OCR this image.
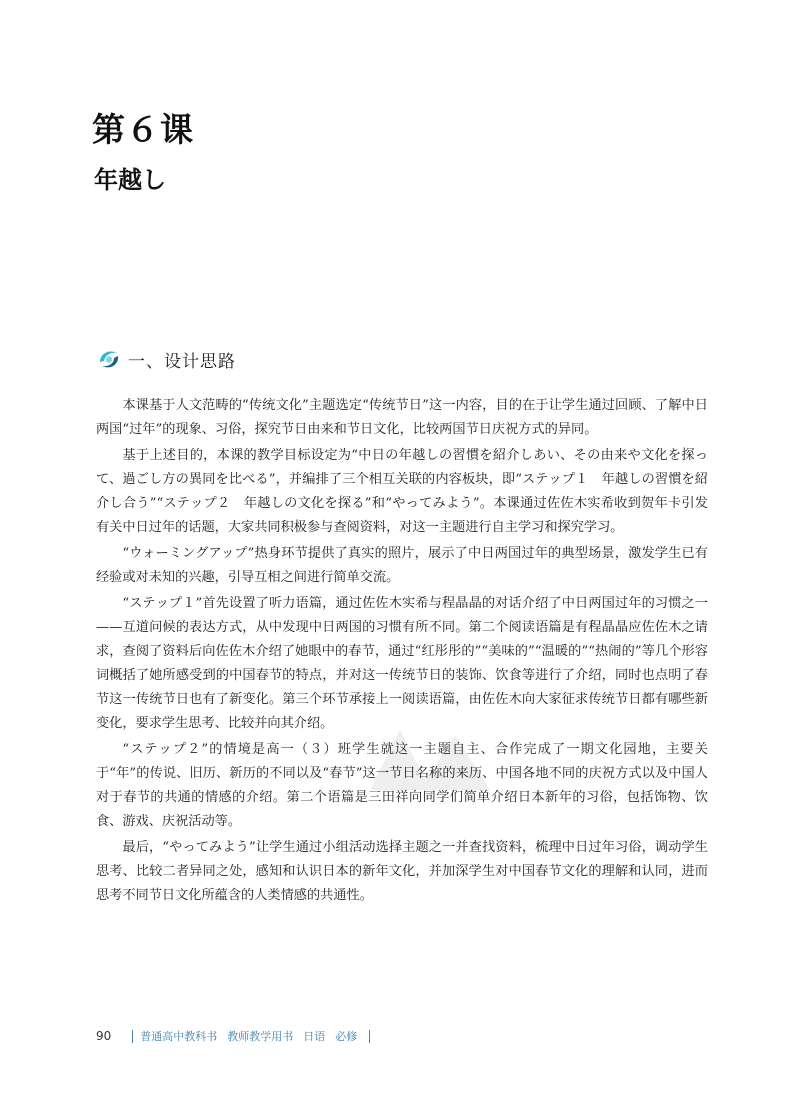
第６课
年越し
一、设计思路

本课基于人文范畴的“传统文化”主题选定“传统节日”这一内容，目的在于让学生通过回顾、了解中日两国“过年”的现象、习俗，探究节日由来和节日文化，比较两国节日庆祝方式的异同。

基于上述目的，本课的教学目标设定为“中日の年越しの習慣を紹介しあい、その由来や文化を探って、過ごし方の異同を比べる”，并编排了三个相互关联的内容板块，即“ステップ１　年越しの習慣を紹介し合う”“ステップ２　年越しの文化を探る”和“やってみよう”。本课通过佐佐木实希收到贺年卡引发有关中日过年的话题，大家共同积极参与查阅资料，对这一主题进行自主学习和探究学习。

“ウォーミングアップ”热身环节提供了真实的照片，展示了中日两国过年的典型场景，激发学生已有经验或对未知的兴趣，引导互相之间进行简单交流。

“ステップ１”首先设置了听力语篇，通过佐佐木实希与程晶晶的对话介绍了中日两国过年的习惯之一——互道问候的表达方式，从中发现中日两国的习惯有所不同。第二个阅读语篇是有程晶晶应佐佐木之请求，查阅了资料后向佐佐木介绍了她眼中的春节，通过“红彤彤的”“美味的”“温暖的”“热闹的”等几个形容词概括了她所感受到的中国春节的特点，并对这一传统节日的装饰、饮食等进行了介绍，同时也点明了春节这一传统节日也有了新变化。第三个环节承接上一阅读语篇，由佐佐木向大家征求传统节日都有哪些新变化，要求学生思考、比较并向其介绍。

“ステップ２”的情境是高一（３）班学生就这一主题自主、合作完成了一期文化园地，主要关于“年”的传说、旧历、新历的不同以及“春节”这一节日名称的来历、中国各地不同的庆祝方式以及中国人对于春节的共通的情感的介绍。第二个语篇是三田祥向同学们简单介绍日本新年的习俗，包括饰物、饮食、游戏、庆祝活动等。

最后，“やってみよう”让学生通过小组活动选择主题之一并查找资料，梳理中日过年习俗，调动学生思考、比较二者异同之处，感知和认识日本的新年文化，并加深学生对中国春节文化的理解和认同，进而思考不同节日文化所蕴含的人类情感的共通性。

90	普通高中教科书 教师教学用书 日语 必修
